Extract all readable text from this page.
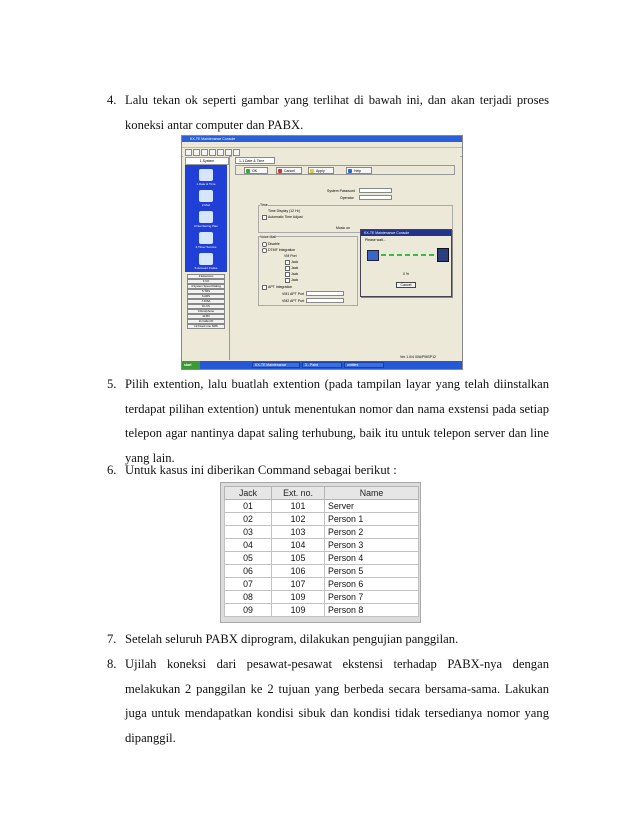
4. Lalu tekan ok seperti gambar yang terlihat di bawah ini, dan akan terjadi proses
koneksi antar computer dan PABX.
KX-TE Maintenance Console
1.System
1.Date & Time
2.Mod
3.Numbering Plan
4.Timer Service
5.Account Codes
2.Extension
3.CO
4.System Speed Dialing
5.TRS
6.ARS
7.DISA
8.LCS
9.Doorphone
10.BV
11.Caller ID
12.Fixed Line SMS
1-1 Date & Time
OK	Cancel	Apply	Help
System Password
Operator
Time
Time Display (12 Hr)
Automatic Time Adjust
Music on
Voice Mail
Disable
DTMF Integration
VM Port
Jack
Jack
Jack
Jack
APT Integration
VM1 APT Port
VM2 APT Port
KX-TE Maintenance Console
Please wait...
0 %
Cancel
Ver 1.0/4 00A/PMSP12
start	KX-TE Maintenance	3 - Paint	untitled
5. Pilih extention, lalu buatlah extention (pada tampilan layar yang telah diinstalkan
terdapat pilihan extention) untuk menentukan nomor dan nama exstensi pada setiap
telepon agar nantinya dapat saling terhubung, baik itu untuk telepon server dan line
yang lain.
6. Untuk kasus ini diberikan Command sebagai berikut :
Jack	Ext. no.	Name
01	101	Server
02	102	Person 1
03	103	Person 2
04	104	Person 3
05	105	Person 4
06	106	Person 5
07	107	Person 6
08	109	Person 7
09	109	Person 8
7. Setelah seluruh PABX diprogram, dilakukan pengujian panggilan.
8. Ujilah koneksi dari pesawat-pesawat ekstensi terhadap PABX-nya dengan
melakukan 2 panggilan ke 2 tujuan yang berbeda secara bersama-sama. Lakukan
juga untuk mendapatkan kondisi sibuk dan kondisi tidak tersedianya nomor yang
dipanggil.
